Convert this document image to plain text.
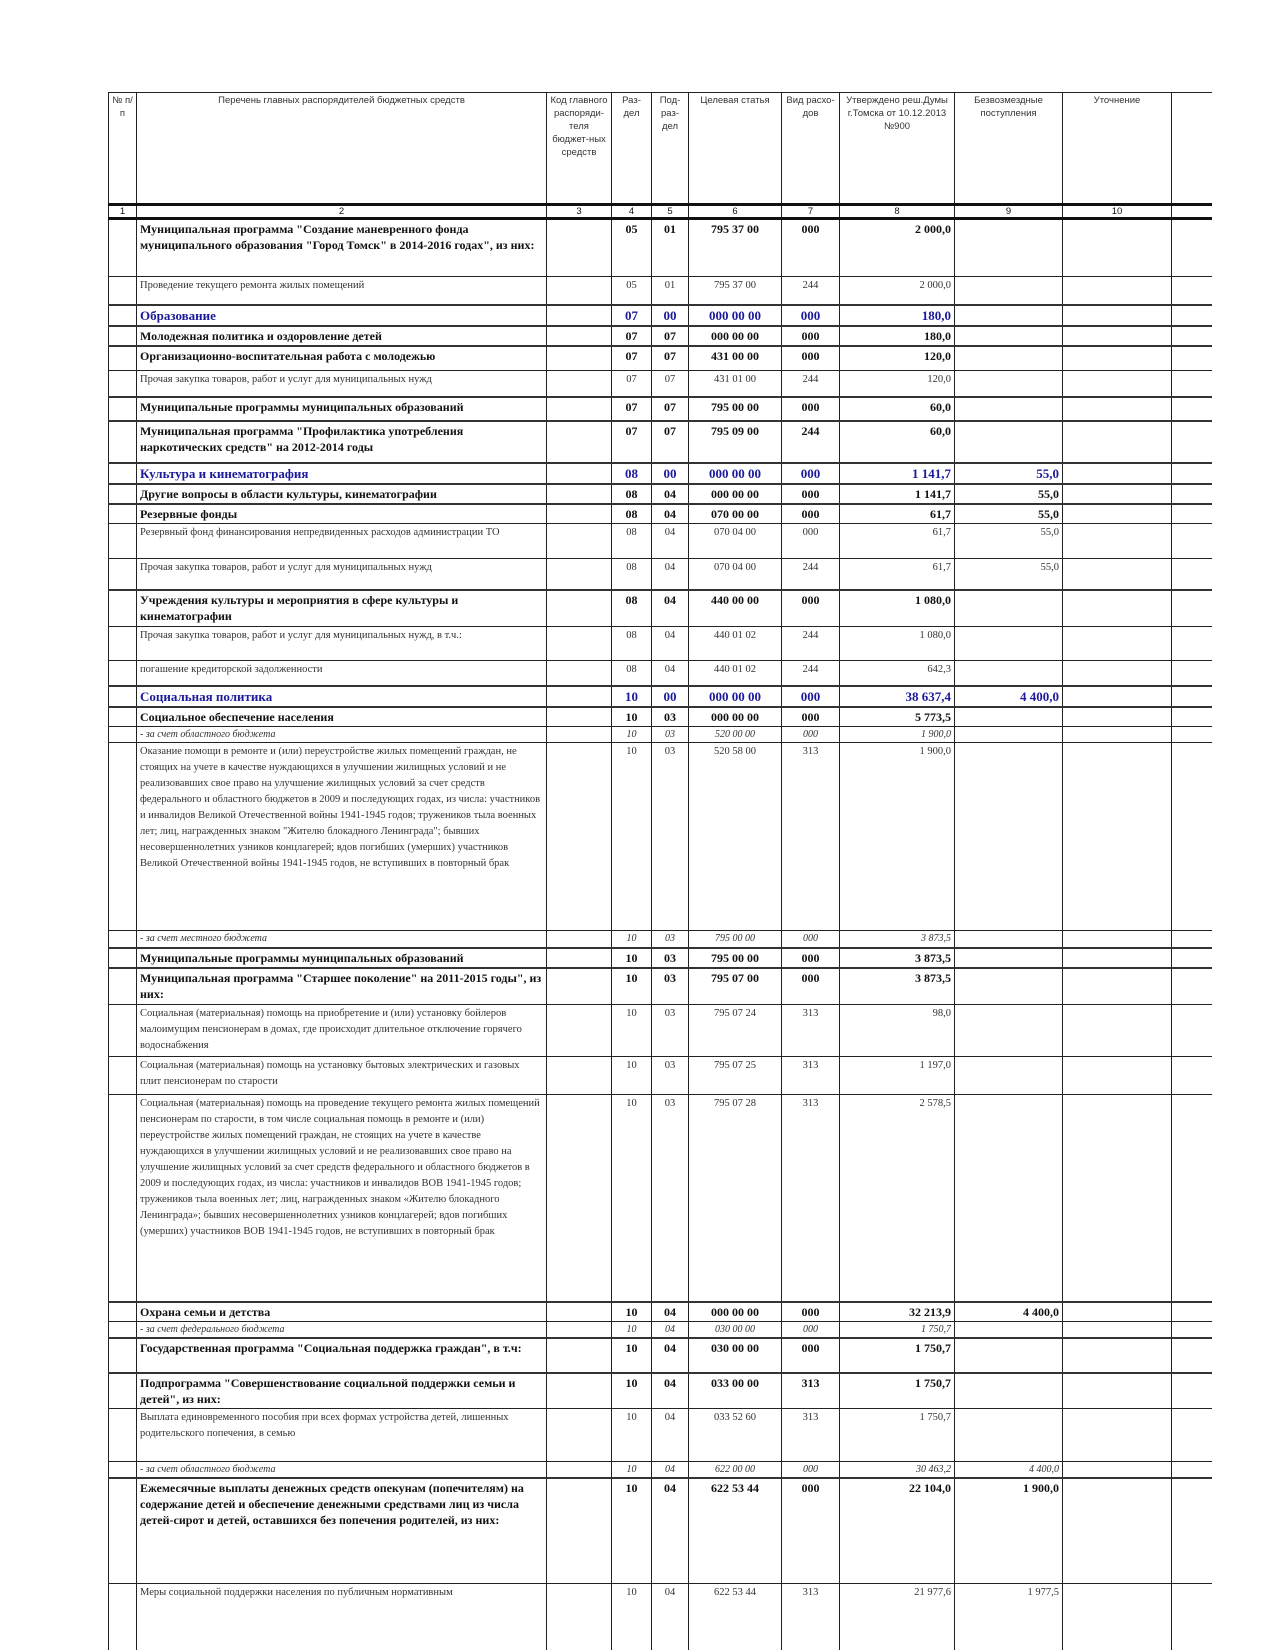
№ п/п	Перечень главных распорядителей бюджетных средств	Код главного распоряди-теля бюджет-ных средств	Раз-дел	Под-раз-дел	Целевая статья	Вид расхо-дов	Утверждено реш.Думы г.Томска от 10.12.2013 №900	Безвозмездные поступления	Уточнение	
1	2	3	4	5	6	7	8	9	10	
	Муниципальная программа "Создание маневренного фонда муниципального образования "Город Томск" в 2014-2016 годах", из них:		05	01	795 37 00	000	2 000,0			
	Проведение текущего ремонта жилых помещений		05	01	795 37 00	244	2 000,0			
	Образование		07	00	000 00 00	000	180,0			
	Молодежная политика и оздоровление детей		07	07	000 00 00	000	180,0			
	Организационно-воспитательная работа с молодежью		07	07	431 00 00	000	120,0			
	Прочая закупка товаров, работ и услуг для муниципальных нужд		07	07	431 01 00	244	120,0			
	Муниципальные программы муниципальных образований		07	07	795 00 00	000	60,0			
	Муниципальная программа "Профилактика употребления наркотических средств" на 2012-2014 годы		07	07	795 09 00	244	60,0			
	Культура и кинематография		08	00	000 00 00	000	1 141,7	55,0		
	Другие вопросы в области культуры, кинематографии		08	04	000 00 00	000	1 141,7	55,0		
	Резервные фонды		08	04	070 00 00	000	61,7	55,0		
	Резервный фонд финансирования непредвиденных расходов администрации ТО		08	04	070 04 00	000	61,7	55,0		
	Прочая закупка товаров, работ и услуг для муниципальных нужд		08	04	070 04 00	244	61,7	55,0		
	Учреждения культуры и мероприятия в сфере культуры и кинематографии		08	04	440 00 00	000	1 080,0			
	Прочая закупка товаров, работ и услуг для муниципальных нужд, в т.ч.:		08	04	440 01 02	244	1 080,0			
	погашение кредиторской задолженности		08	04	440 01 02	244	642,3			
	Социальная политика		10	00	000 00 00	000	38 637,4	4 400,0		
	Социальное обеспечение населения		10	03	000 00 00	000	5 773,5			
	- за счет областного бюджета		10	03	520 00 00	000	1 900,0			
	Оказание помощи в ремонте и (или) переустройстве жилых помещений граждан, не стоящих на учете в качестве нуждающихся в улучшении жилищных условий и не реализовавших свое право на улучшение жилищных условий за счет средств федерального и областного бюджетов в 2009 и последующих годах, из числа: участников и инвалидов Великой Отечественной войны 1941-1945 годов; тружеников тыла военных лет; лиц, награжденных знаком "Жителю блокадного Ленинграда"; бывших несовершеннолетних узников концлагерей; вдов погибших (умерших) участников Великой Отечественной войны 1941-1945 годов, не вступивших в повторный брак		10	03	520 58 00	313	1 900,0			
	- за счет местного бюджета		10	03	795 00 00	000	3 873,5			
	Муниципальные программы муниципальных образований		10	03	795 00 00	000	3 873,5			
	Муниципальная программа "Старшее поколение" на 2011-2015 годы", из них:		10	03	795 07 00	000	3 873,5			
	Социальная (материальная) помощь на приобретение и (или) установку бойлеров малоимущим пенсионерам в домах, где происходит длительное отключение горячего водоснабжения		10	03	795 07 24	313	98,0			
	Социальная (материальная) помощь на установку бытовых электрических и газовых плит пенсионерам по старости		10	03	795 07 25	313	1 197,0			
	Социальная (материальная) помощь на проведение текущего ремонта жилых помещений пенсионерам по старости, в том числе социальная помощь в ремонте и (или) переустройстве жилых помещений граждан, не стоящих на учете в качестве нуждающихся в улучшении жилищных условий и не реализовавших свое право на улучшение жилищных условий за счет средств федерального и областного бюджетов в 2009 и последующих годах, из числа: участников и инвалидов ВОВ 1941-1945 годов; тружеников тыла военных лет; лиц, награжденных знаком «Жителю блокадного Ленинграда»; бывших несовершеннолетних узников концлагерей; вдов погибших (умерших) участников ВОВ 1941-1945 годов, не вступивших в повторный брак		10	03	795 07 28	313	2 578,5			
	Охрана семьи и детства		10	04	000 00 00	000	32 213,9	4 400,0		
	- за счет федерального бюджета		10	04	030 00 00	000	1 750,7			
	Государственная программа "Социальная поддержка граждан", в т.ч:		10	04	030 00 00	000	1 750,7			
	Подпрограмма "Совершенствование социальной поддержки семьи и детей", из них:		10	04	033 00 00	313	1 750,7			
	Выплата единовременного пособия при всех формах устройства детей, лишенных родительского попечения, в семью		10	04	033 52 60	313	1 750,7			
	- за счет областного бюджета		10	04	622 00 00	000	30 463,2	4 400,0		
	Ежемесячные выплаты денежных средств опекунам (попечителям) на содержание детей и обеспечение денежными средствами лиц из числа детей-сирот и детей, оставшихся без попечения родителей, из них:		10	04	622 53 44	000	22 104,0	1 900,0		
	Меры социальной поддержки населения по публичным нормативным		10	04	622 53 44	313	21 977,6	1 977,5		
